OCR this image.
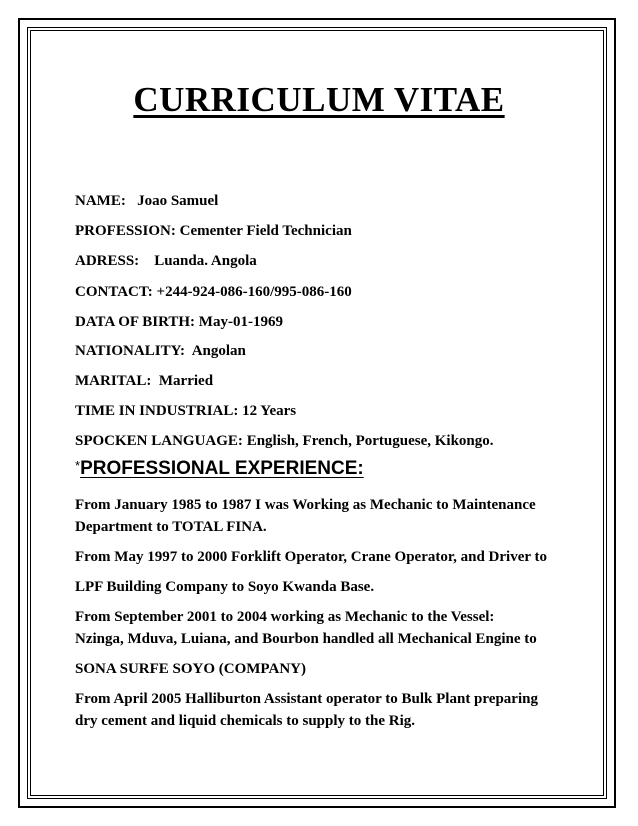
CURRICULUM VITAE
NAME: Joao Samuel
PROFESSION: Cementer Field Technician
ADRESS: Luanda. Angola
CONTACT: +244-924-086-160/995-086-160
DATA OF BIRTH: May-01-1969
NATIONALITY: Angolan
MARITAL: Married
TIME IN INDUSTRIAL: 12 Years
SPOCKEN LANGUAGE: English, French, Portuguese, Kikongo.
*PROFESSIONAL EXPERIENCE:
From January 1985 to 1987 I was Working as Mechanic to Maintenance
Department to TOTAL FINA.
From May 1997 to 2000 Forklift Operator, Crane Operator, and Driver to
LPF Building Company to Soyo Kwanda Base.
From September 2001 to 2004 working as Mechanic to the Vessel:
Nzinga, Mduva, Luiana, and Bourbon handled all Mechanical Engine to
SONA SURFE SOYO (COMPANY)
From April 2005 Halliburton Assistant operator to Bulk Plant preparing
dry cement and liquid chemicals to supply to the Rig.
